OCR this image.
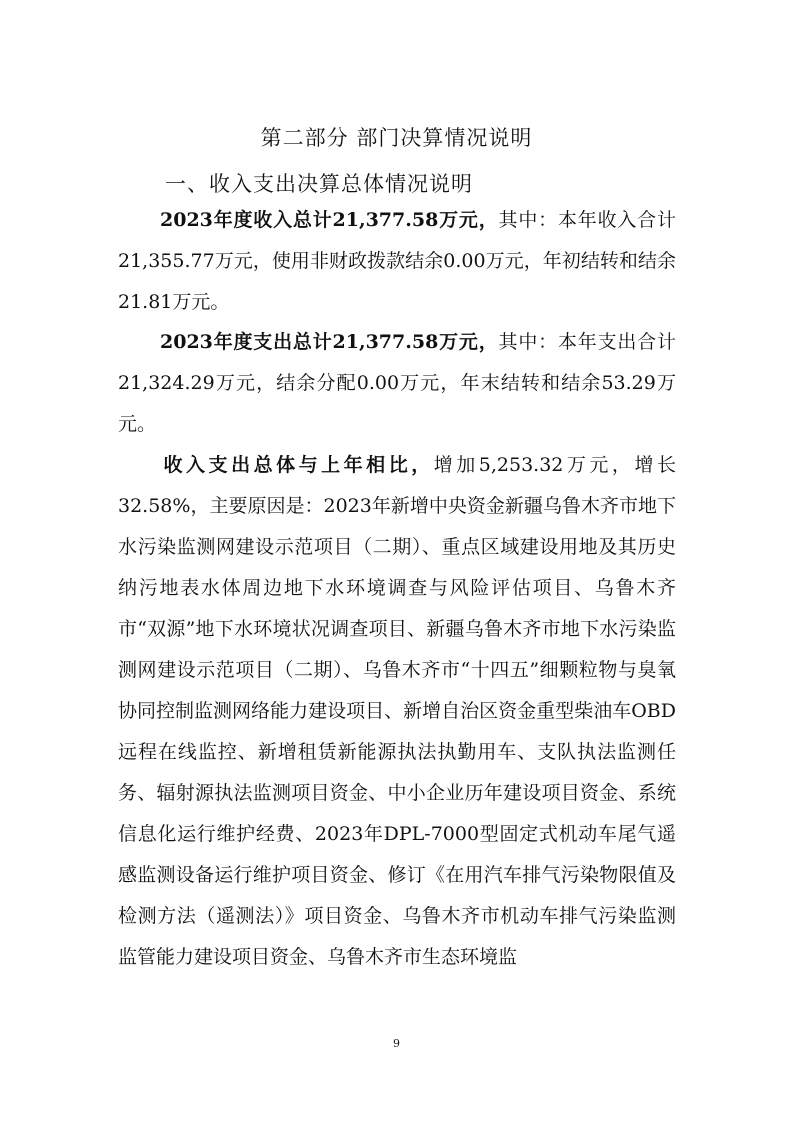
第二部分 部门决算情况说明
一、收入支出决算总体情况说明

2023年度收入总计21,377.58万元，其中：本年收入合计21,355.77万元，使用非财政拨款结余0.00万元，年初结转和结余21.81万元。

2023年度支出总计21,377.58万元，其中：本年支出合计21,324.29万元，结余分配0.00万元，年末结转和结余53.29万元。

收入支出总体与上年相比，增加5,253.32万元，增长32.58%，主要原因是：2023年新增中央资金新疆乌鲁木齐市地下水污染监测网建设示范项目（二期）、重点区域建设用地及其历史纳污地表水体周边地下水环境调查与风险评估项目、乌鲁木齐市“双源”地下水环境状况调查项目、新疆乌鲁木齐市地下水污染监测网建设示范项目（二期）、乌鲁木齐市“十四五”细颗粒物与臭氧协同控制监测网络能力建设项目、新增自治区资金重型柴油车OBD远程在线监控、新增租赁新能源执法执勤用车、支队执法监测任务、辐射源执法监测项目资金、中小企业历年建设项目资金、系统信息化运行维护经费、2023年DPL-7000型固定式机动车尾气遥感监测设备运行维护项目资金、修订《在用汽车排气污染物限值及检测方法（遥测法）》项目资金、乌鲁木齐市机动车排气污染监测监管能力建设项目资金、乌鲁木齐市生态环境监

9
